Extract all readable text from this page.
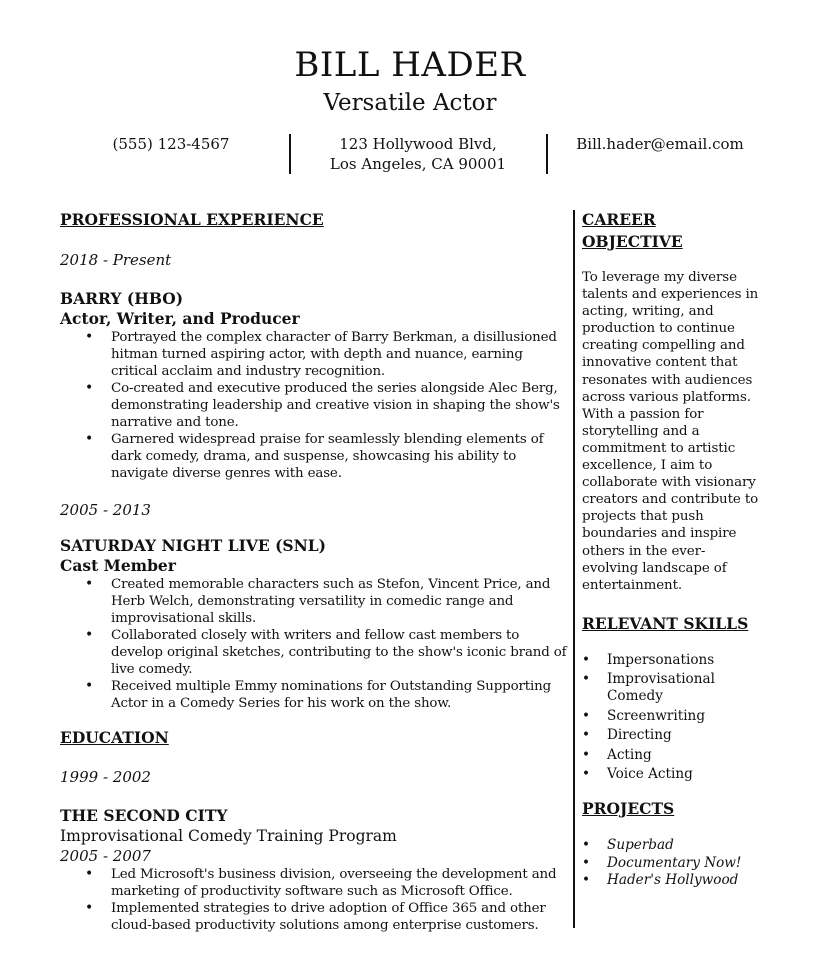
BILL HADER
Versatile Actor
(555) 123-4567	123 Hollywood Blvd,
Los Angeles, CA 90001
Bill.hader@email.com
PROFESSIONAL EXPERIENCE
2018 - Present
BARRY (HBO)
Actor, Writer, and Producer
• Portrayed the complex character of Barry Berkman, a disillusioned hitman turned aspiring actor, with depth and nuance, earning critical acclaim and industry recognition.
• Co-created and executive produced the series alongside Alec Berg, demonstrating leadership and creative vision in shaping the show's narrative and tone.
• Garnered widespread praise for seamlessly blending elements of dark comedy, drama, and suspense, showcasing his ability to navigate diverse genres with ease.
2005 - 2013
SATURDAY NIGHT LIVE (SNL)
Cast Member
• Created memorable characters such as Stefon, Vincent Price, and Herb Welch, demonstrating versatility in comedic range and improvisational skills.
• Collaborated closely with writers and fellow cast members to develop original sketches, contributing to the show's iconic brand of live comedy.
• Received multiple Emmy nominations for Outstanding Supporting Actor in a Comedy Series for his work on the show.
EDUCATION
1999 - 2002
THE SECOND CITY
Improvisational Comedy Training Program
2005 - 2007
• Led Microsoft's business division, overseeing the development and marketing of productivity software such as Microsoft Office.
• Implemented strategies to drive adoption of Office 365 and other cloud-based productivity solutions among enterprise customers.
CAREER OBJECTIVE
To leverage my diverse talents and experiences in acting, writing, and production to continue creating compelling and innovative content that resonates with audiences across various platforms. With a passion for storytelling and a commitment to artistic excellence, I aim to collaborate with visionary creators and contribute to projects that push boundaries and inspire others in the ever-evolving landscape of entertainment.
RELEVANT SKILLS
• Impersonations
• Improvisational Comedy
• Screenwriting
• Directing
• Acting
• Voice Acting
PROJECTS
• Superbad
• Documentary Now!
• Hader's Hollywood
